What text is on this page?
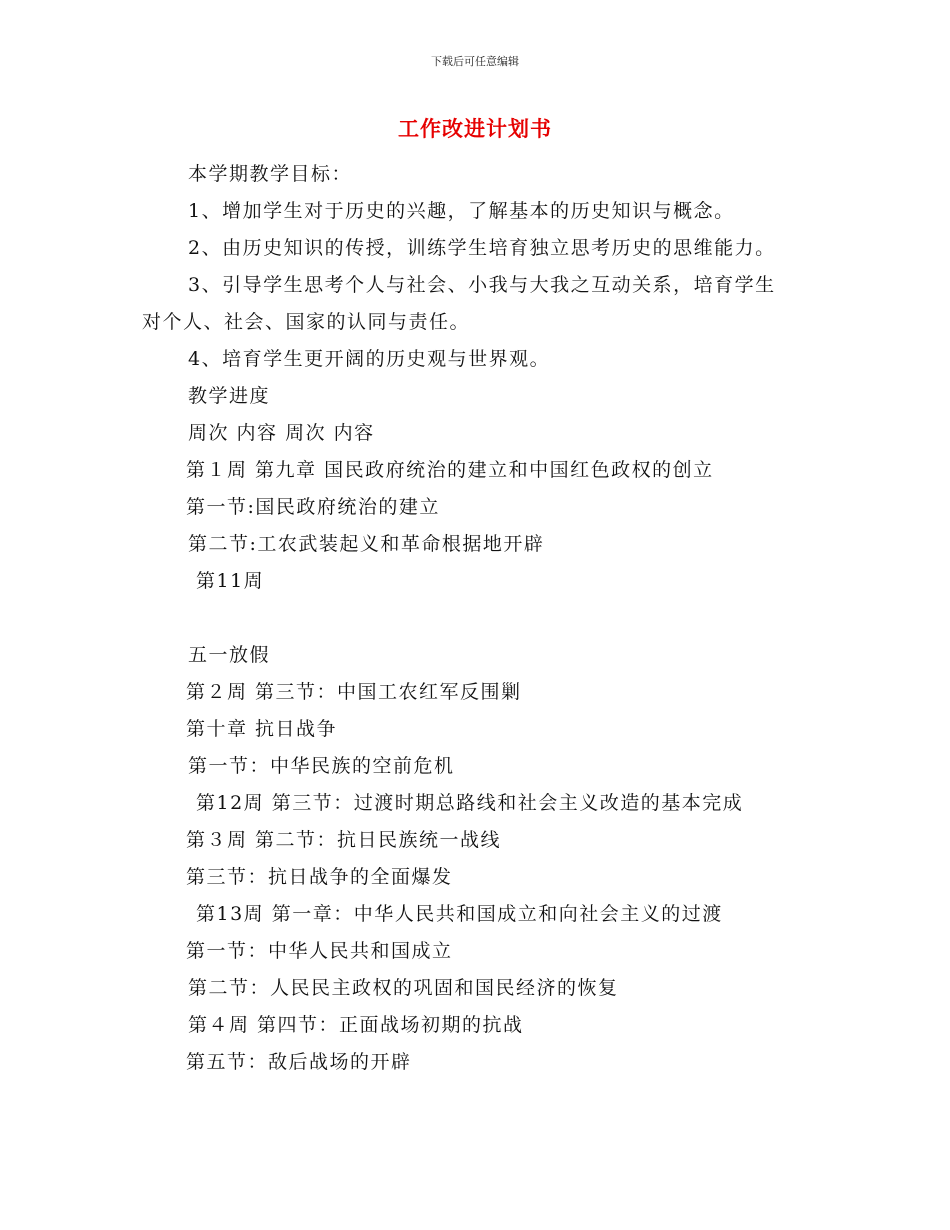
下载后可任意编辑
工作改进计划书
本学期教学目标：
1、增加学生对于历史的兴趣，了解基本的历史知识与概念。
2、由历史知识的传授，训练学生培育独立思考历史的思维能力。
3、引导学生思考个人与社会、小我与大我之互动关系，培育学生
对个人、社会、国家的认同与责任。
4、培育学生更开阔的历史观与世界观。
教学进度
周次 内容 周次 内容
第１周 第九章 国民政府统治的建立和中国红色政权的创立
第一节:国民政府统治的建立
第二节:工农武装起义和革命根据地开辟
第11周
五一放假
第２周 第三节：中国工农红军反围剿
第十章 抗日战争
第一节：中华民族的空前危机
第12周 第三节：过渡时期总路线和社会主义改造的基本完成
第３周 第二节：抗日民族统一战线
第三节：抗日战争的全面爆发
第13周 第一章：中华人民共和国成立和向社会主义的过渡
第一节：中华人民共和国成立
第二节：人民民主政权的巩固和国民经济的恢复
第４周 第四节：正面战场初期的抗战
第五节：敌后战场的开辟
